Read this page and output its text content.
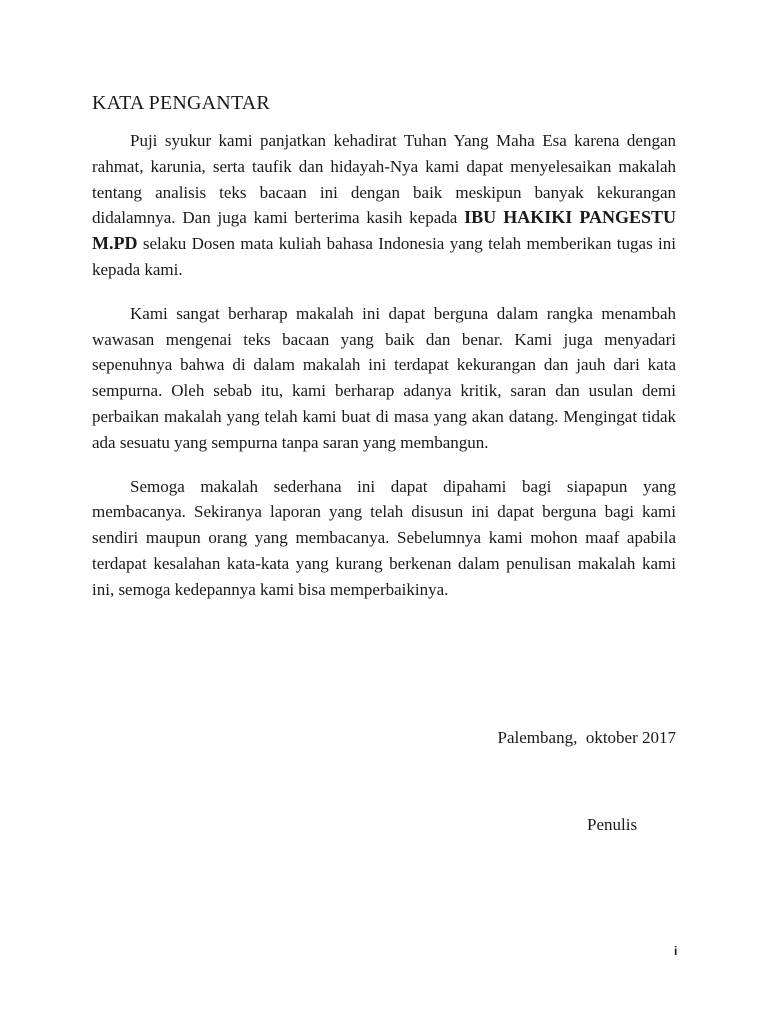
KATA PENGANTAR

Puji syukur kami panjatkan kehadirat Tuhan Yang Maha Esa karena dengan rahmat, karunia, serta taufik dan hidayah-Nya kami dapat menyelesaikan makalah tentang analisis teks bacaan ini dengan baik meskipun banyak kekurangan didalamnya. Dan juga kami berterima kasih kepada IBU HAKIKI PANGESTU M.PD selaku Dosen mata kuliah bahasa Indonesia yang telah memberikan tugas ini kepada kami.

Kami sangat berharap makalah ini dapat berguna dalam rangka menambah wawasan mengenai teks bacaan yang baik dan benar. Kami juga menyadari sepenuhnya bahwa di dalam makalah ini terdapat kekurangan dan jauh dari kata sempurna. Oleh sebab itu, kami berharap adanya kritik, saran dan usulan demi perbaikan makalah yang telah kami buat di masa yang akan datang. Mengingat tidak ada sesuatu yang sempurna tanpa saran yang membangun.

Semoga makalah sederhana ini dapat dipahami bagi siapapun yang membacanya. Sekiranya laporan yang telah disusun ini dapat berguna bagi kami sendiri maupun orang yang membacanya. Sebelumnya kami mohon maaf apabila terdapat kesalahan kata-kata yang kurang berkenan dalam penulisan makalah kami ini, semoga kedepannya kami bisa memperbaikinya.

Palembang,  oktober 2017
Penulis
i
